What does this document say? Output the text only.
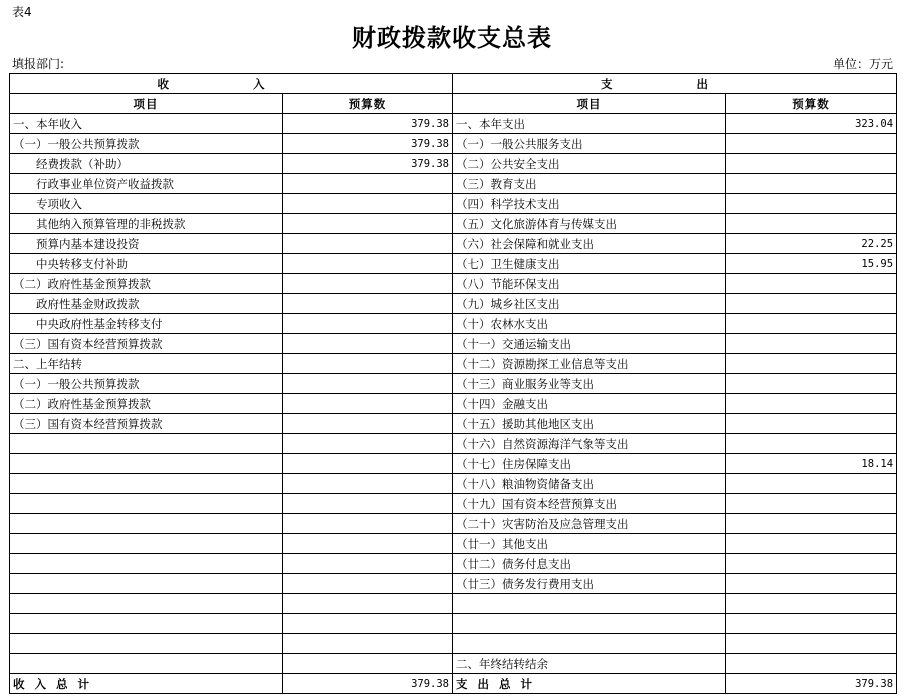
表4
财政拨款收支总表
填报部门:	单位：万元
收 入		支 出	
项目	预算数	项目	预算数
一、本年收入	379.38	一、本年支出	323.04
（一）一般公共预算拨款	379.38	（一）一般公共服务支出	
经费拨款（补助）	379.38	（二）公共安全支出	
行政事业单位资产收益拨款		（三）教育支出	
专项收入		（四）科学技术支出	
其他纳入预算管理的非税拨款		（五）文化旅游体育与传媒支出	
预算内基本建设投资		（六）社会保障和就业支出	22.25
中央转移支付补助		（七）卫生健康支出	15.95
（二）政府性基金预算拨款		（八）节能环保支出	
政府性基金财政拨款		（九）城乡社区支出	
中央政府性基金转移支付		（十）农林水支出	
（三）国有资本经营预算拨款		（十一）交通运输支出	
二、上年结转		（十二）资源勘探工业信息等支出	
（一）一般公共预算拨款		（十三）商业服务业等支出	
（二）政府性基金预算拨款		（十四）金融支出	
（三）国有资本经营预算拨款		（十五）援助其他地区支出	
		（十六）自然资源海洋气象等支出	
		（十七）住房保障支出	18.14
		（十八）粮油物资储备支出	
		（十九）国有资本经营预算支出	
		（二十）灾害防治及应急管理支出	
		（廿一）其他支出	
		（廿二）债务付息支出	
		（廿三）债务发行费用支出	

		二、年终结转结余	
收入总计	379.38	支出总计	379.38
